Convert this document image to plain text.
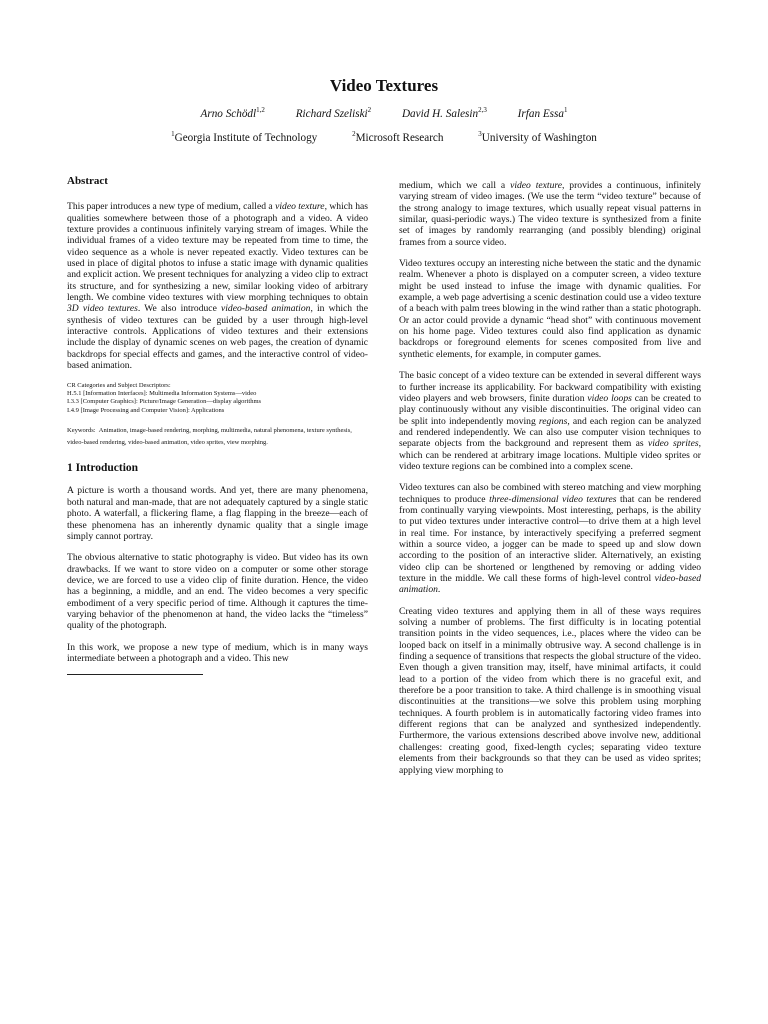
Video Textures
Arno Schödl$^{1,2}$	Richard Szeliski$^2$	David H. Salesin$^{2,3}$	Irfan Essa$^1$
$^1$Georgia Institute of Technology	$^2$Microsoft Research	$^3$University of Washington
Abstract

This paper introduces a new type of medium, called a video texture, which has qualities somewhere between those of a photograph and a video. A video texture provides a continuous infinitely varying stream of images. While the individual frames of a video texture may be repeated from time to time, the video sequence as a whole is never repeated exactly. Video textures can be used in place of digital photos to infuse a static image with dynamic qualities and explicit action. We present techniques for analyzing a video clip to extract its structure, and for synthesizing a new, similar looking video of arbitrary length. We combine video textures with view morphing techniques to obtain 3D video textures. We also introduce video-based animation, in which the synthesis of video textures can be guided by a user through high-level interactive controls. Applications of video textures and their extensions include the display of dynamic scenes on web pages, the creation of dynamic backdrops for special effects and games, and the interactive control of video-based animation.

CR Categories and Subject Descriptors:
H.5.1 [Information Interfaces]: Multimedia Information Systems—video
I.3.3 [Computer Graphics]: Picture/Image Generation—display algorithms
I.4.9 [Image Processing and Computer Vision]: Applications
Keywords: Animation, image-based rendering, morphing, multimedia, natural phenomena, texture synthesis, video-based rendering, video-based animation, video sprites, view morphing.
1 Introduction

A picture is worth a thousand words. And yet, there are many phenomena, both natural and man-made, that are not adequately captured by a single static photo. A waterfall, a flickering flame, a flag flapping in the breeze—each of these phenomena has an inherently dynamic quality that a single image simply cannot portray.

The obvious alternative to static photography is video. But video has its own drawbacks. If we want to store video on a computer or some other storage device, we are forced to use a video clip of finite duration. Hence, the video has a beginning, a middle, and an end. The video becomes a very specific embodiment of a very specific period of time. Although it captures the time-varying behavior of the phenomenon at hand, the video lacks the “timeless” quality of the photograph.

In this work, we propose a new type of medium, which is in many ways intermediate between a photograph and a video. This new

medium, which we call a video texture, provides a continuous, infinitely varying stream of video images. (We use the term “video texture” because of the strong analogy to image textures, which usually repeat visual patterns in similar, quasi-periodic ways.) The video texture is synthesized from a finite set of images by randomly rearranging (and possibly blending) original frames from a source video.

Video textures occupy an interesting niche between the static and the dynamic realm. Whenever a photo is displayed on a computer screen, a video texture might be used instead to infuse the image with dynamic qualities. For example, a web page advertising a scenic destination could use a video texture of a beach with palm trees blowing in the wind rather than a static photograph. Or an actor could provide a dynamic “head shot” with continuous movement on his home page. Video textures could also find application as dynamic backdrops or foreground elements for scenes composited from live and synthetic elements, for example, in computer games.

The basic concept of a video texture can be extended in several different ways to further increase its applicability. For backward compatibility with existing video players and web browsers, finite duration video loops can be created to play continuously without any visible discontinuities. The original video can be split into independently moving regions, and each region can be analyzed and rendered independently. We can also use computer vision techniques to separate objects from the background and represent them as video sprites, which can be rendered at arbitrary image locations. Multiple video sprites or video texture regions can be combined into a complex scene.

Video textures can also be combined with stereo matching and view morphing techniques to produce three-dimensional video textures that can be rendered from continually varying viewpoints. Most interesting, perhaps, is the ability to put video textures under interactive control—to drive them at a high level in real time. For instance, by interactively specifying a preferred segment within a source video, a jogger can be made to speed up and slow down according to the position of an interactive slider. Alternatively, an existing video clip can be shortened or lengthened by removing or adding video texture in the middle. We call these forms of high-level control video-based animation.

Creating video textures and applying them in all of these ways requires solving a number of problems. The first difficulty is in locating potential transition points in the video sequences, i.e., places where the video can be looped back on itself in a minimally obtrusive way. A second challenge is in finding a sequence of transitions that respects the global structure of the video. Even though a given transition may, itself, have minimal artifacts, it could lead to a portion of the video from which there is no graceful exit, and therefore be a poor transition to take. A third challenge is in smoothing visual discontinuities at the transitions—we solve this problem using morphing techniques. A fourth problem is in automatically factoring video frames into different regions that can be analyzed and synthesized independently. Furthermore, the various extensions described above involve new, additional challenges: creating good, fixed-length cycles; separating video texture elements from their backgrounds so that they can be used as video sprites; applying view morphing to
